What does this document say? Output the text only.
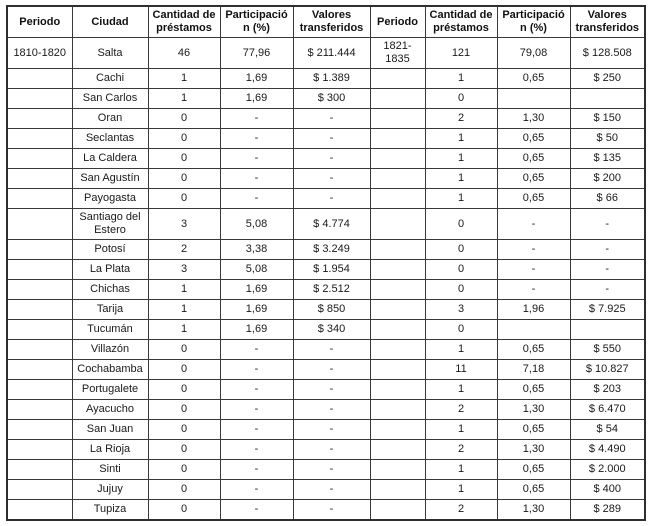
Periodo	Ciudad	Cantidad de préstamos	Participación (%)	Valores transferidos	Periodo	Cantidad de préstamos	Participación (%)	Valores transferidos
1810-1820	Salta	46	77,96	$ 211.444	1821-1835	121	79,08	$ 128.508
	Cachi	1	1,69	$ 1.389		1	0,65	$ 250
	San Carlos	1	1,69	$ 300		0		
	Oran	0	-	-		2	1,30	$ 150
	Seclantas	0	-	-		1	0,65	$ 50
	La Caldera	0	-	-		1	0,65	$ 135
	San Agustín	0	-	-		1	0,65	$ 200
	Payogasta	0	-	-		1	0,65	$ 66
	Santiago del Estero	3	5,08	$ 4.774		0	-	-
	Potosí	2	3,38	$ 3.249		0	-	-
	La Plata	3	5,08	$ 1.954		0	-	-
	Chichas	1	1,69	$ 2.512		0	-	-
	Tarija	1	1,69	$ 850		3	1,96	$ 7.925
	Tucumán	1	1,69	$ 340		0		
	Villazón	0	-	-		1	0,65	$ 550
	Cochabamba	0	-	-		11	7,18	$ 10.827
	Portugalete	0	-	-		1	0,65	$ 203
	Ayacucho	0	-	-		2	1,30	$ 6.470
	San Juan	0	-	-		1	0,65	$ 54
	La Rioja	0	-	-		2	1,30	$ 4.490
	Sinti	0	-	-		1	0,65	$ 2.000
	Jujuy	0	-	-		1	0,65	$ 400
	Tupiza	0	-	-		2	1,30	$ 289
